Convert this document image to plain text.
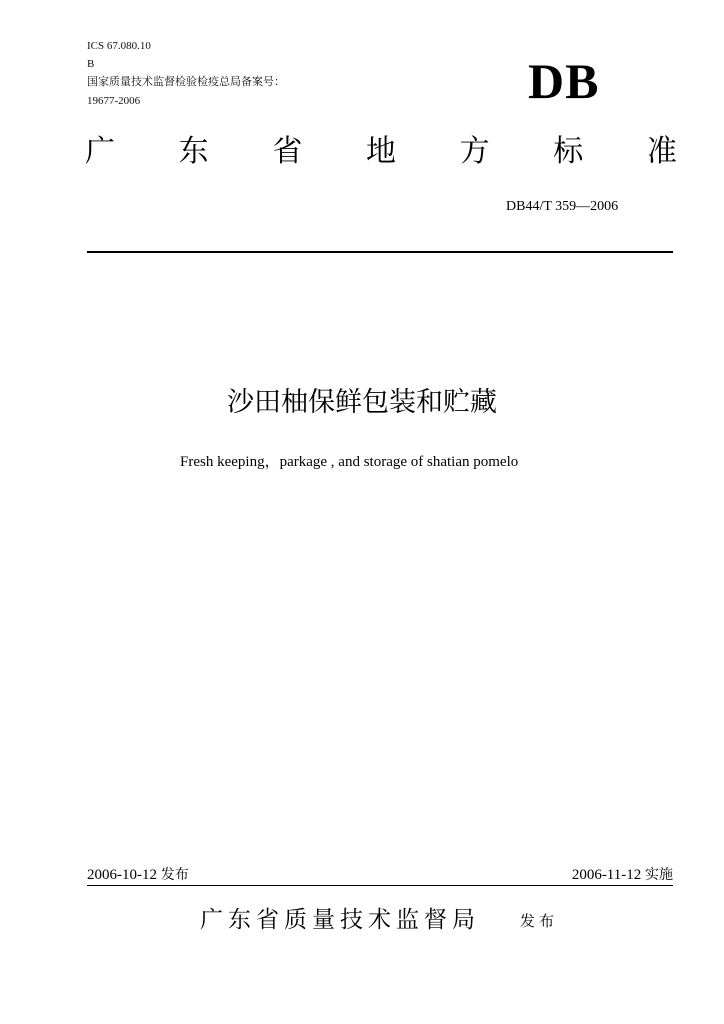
ICS 67.080.10
B
国家质量技术监督检验检疫总局备案号：
19677-2006	DB
广 东 省 地 方 标 准
DB44/T 359—2006
沙田柚保鲜包装和贮藏
Fresh keeping，parkage , and storage of shatian pomelo
2006-10-12 发布	2006-11-12 实施
广东省质量技术监督局	发布
